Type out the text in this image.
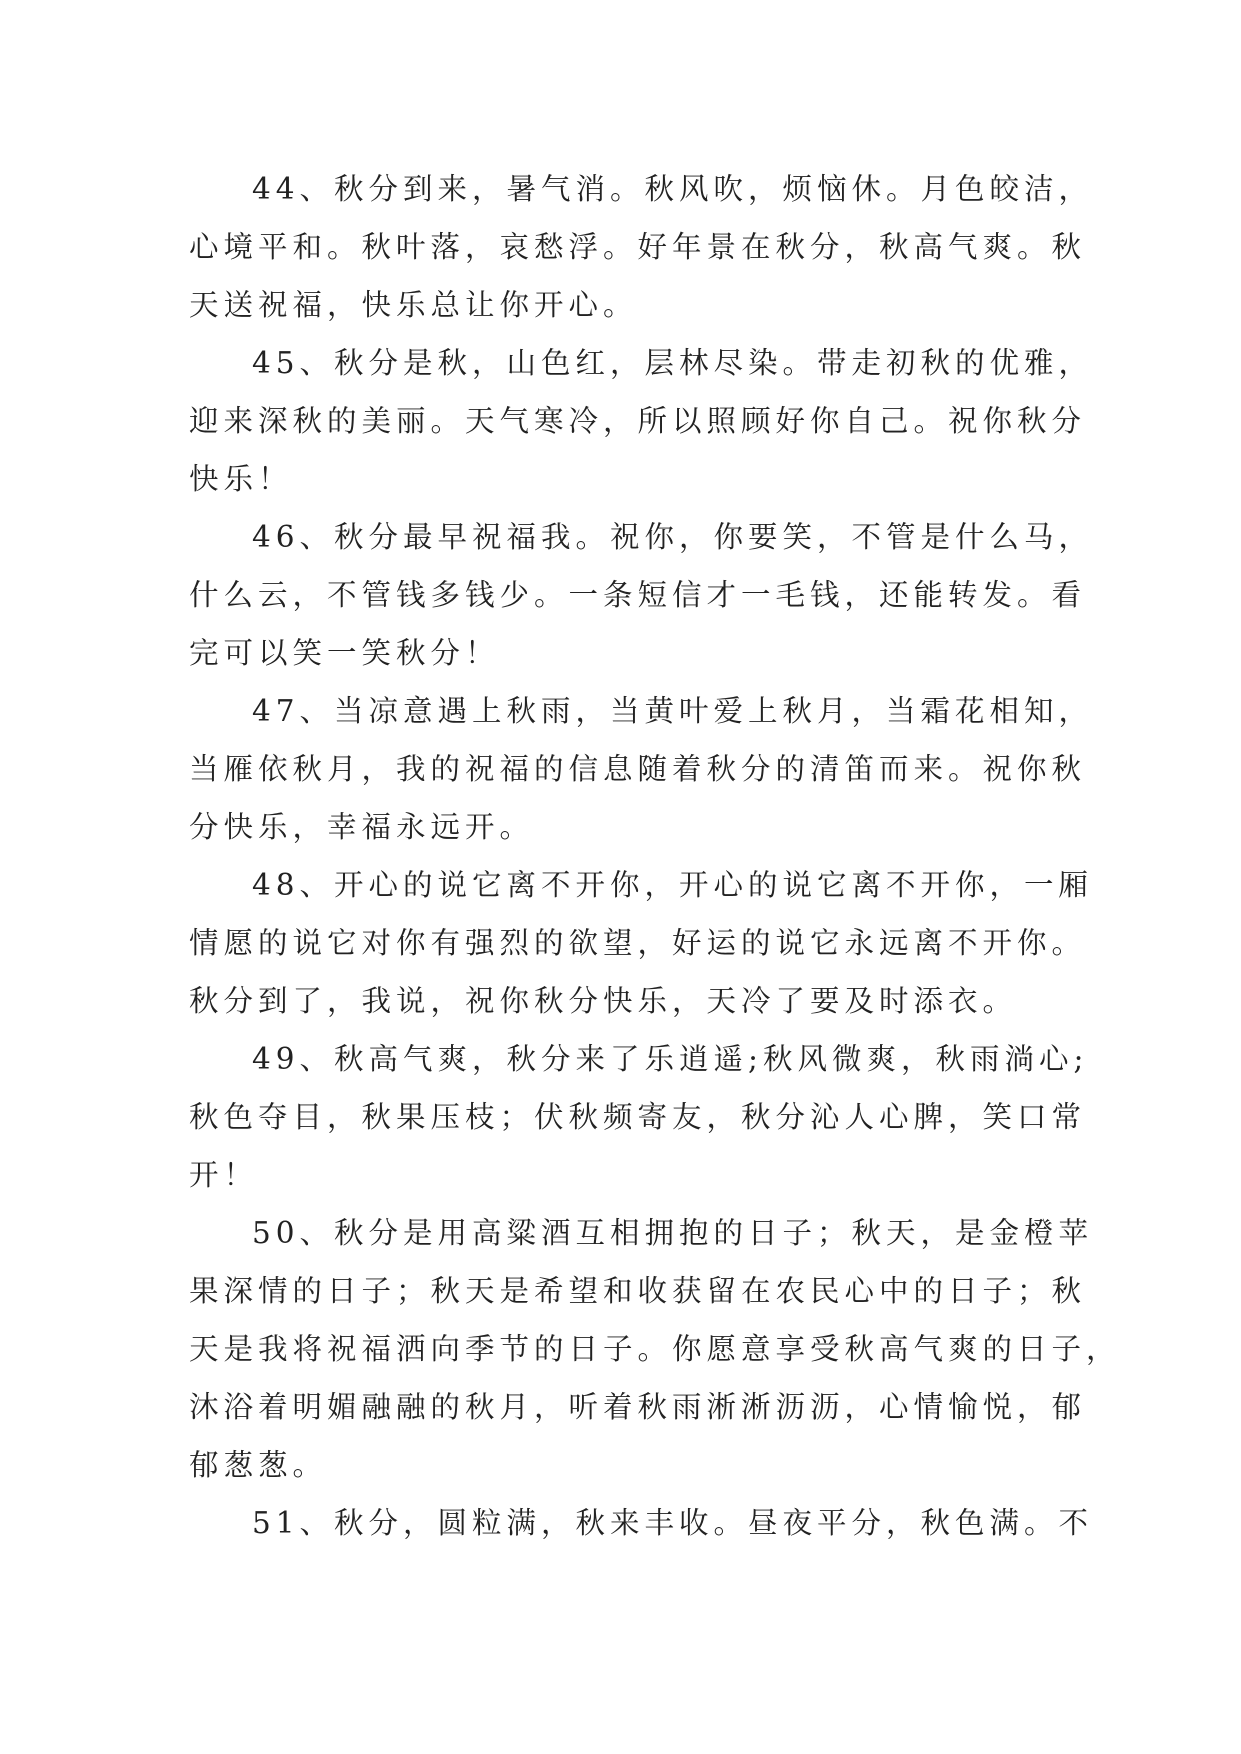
44、秋分到来，暑气消。秋风吹，烦恼休。月色皎洁，
心境平和。秋叶落，哀愁浮。好年景在秋分，秋高气爽。秋
天送祝福，快乐总让你开心。

45、秋分是秋，山色红，层林尽染。带走初秋的优雅，
迎来深秋的美丽。天气寒冷，所以照顾好你自己。祝你秋分
快乐！

46、秋分最早祝福我。祝你，你要笑，不管是什么马，
什么云，不管钱多钱少。一条短信才一毛钱，还能转发。看
完可以笑一笑秋分！

47、当凉意遇上秋雨，当黄叶爱上秋月，当霜花相知，
当雁依秋月，我的祝福的信息随着秋分的清笛而来。祝你秋
分快乐，幸福永远开。

48、开心的说它离不开你，开心的说它离不开你，一厢
情愿的说它对你有强烈的欲望，好运的说它永远离不开你。
秋分到了，我说，祝你秋分快乐，天冷了要及时添衣。

49、秋高气爽，秋分来了乐逍遥;秋风微爽，秋雨淌心;
秋色夺目，秋果压枝；伏秋频寄友，秋分沁人心脾，笑口常
开！

50、秋分是用高粱酒互相拥抱的日子；秋天，是金橙苹
果深情的日子；秋天是希望和收获留在农民心中的日子；秋
天是我将祝福洒向季节的日子。你愿意享受秋高气爽的日子，
沐浴着明媚融融的秋月，听着秋雨淅淅沥沥，心情愉悦，郁
郁葱葱。

51、秋分，圆粒满，秋来丰收。昼夜平分，秋色满。不
